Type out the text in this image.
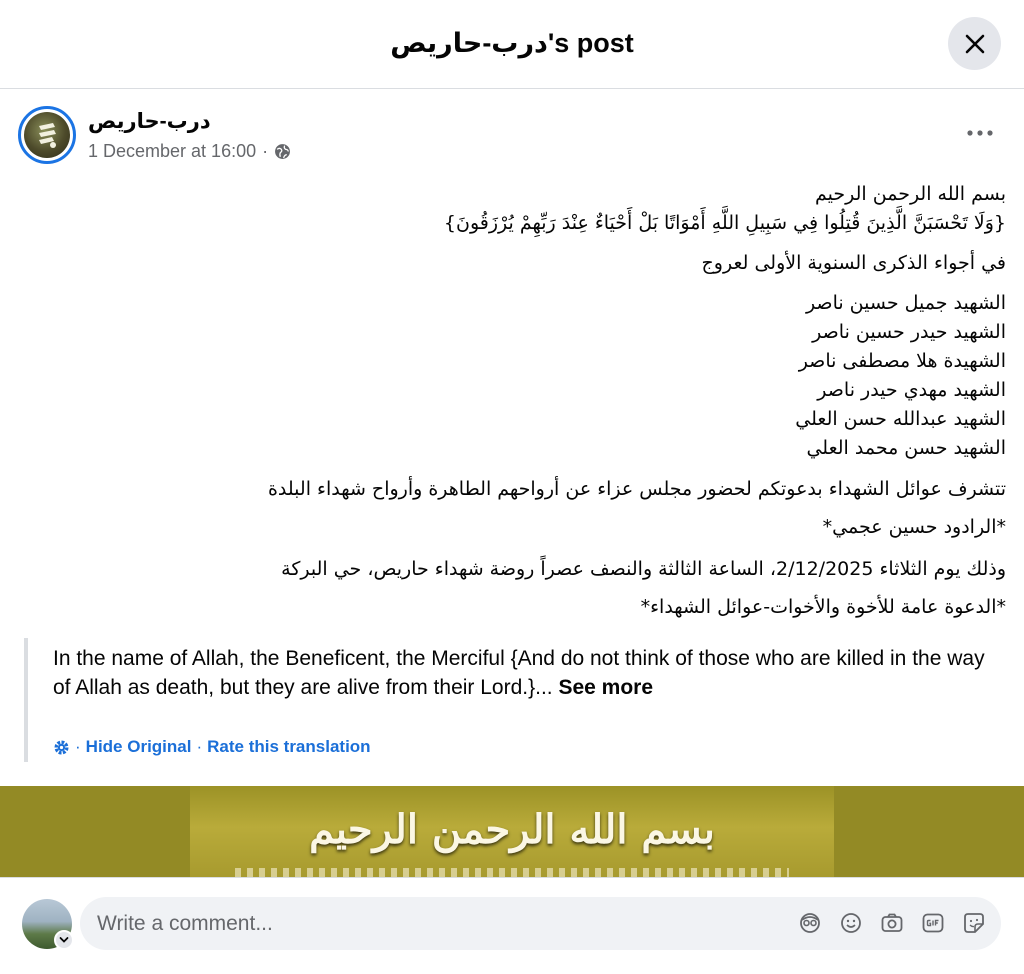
درب-حاريص's post
درب-حاريص
1 December at 16:00 ·
بسم الله الرحمن الرحيم
{وَلَا تَحْسَبَنَّ الَّذِينَ قُتِلُوا فِي سَبِيلِ اللَّهِ أَمْوَاتًا بَلْ أَحْيَاءٌ عِنْدَ رَبِّهِمْ يُرْزَقُونَ}
في أجواء الذكرى السنوية الأولى لعروج
الشهيد جميل حسين ناصر
الشهيد حيدر حسين ناصر
الشهيدة هلا مصطفى ناصر
الشهيد مهدي حيدر ناصر
الشهيد عبدالله حسن العلي
الشهيد حسن محمد العلي
تتشرف عوائل الشهداء بدعوتكم لحضور مجلس عزاء عن أرواحهم الطاهرة وأرواح شهداء البلدة
*الرادود حسين عجمي*
وذلك يوم الثلاثاء 2/12/2025، الساعة الثالثة والنصف عصراً روضة شهداء حاريص، حي البركة
*الدعوة عامة للأخوة والأخوات-عوائل الشهداء*
In the name of Allah, the Beneficent, the Merciful {And do not think of those who are killed in the way of Allah as death, but they are alive from their Lord.}... See more
· Hide Original · Rate this translation
بسم الله الرحمن الرحيم
Write a comment...
